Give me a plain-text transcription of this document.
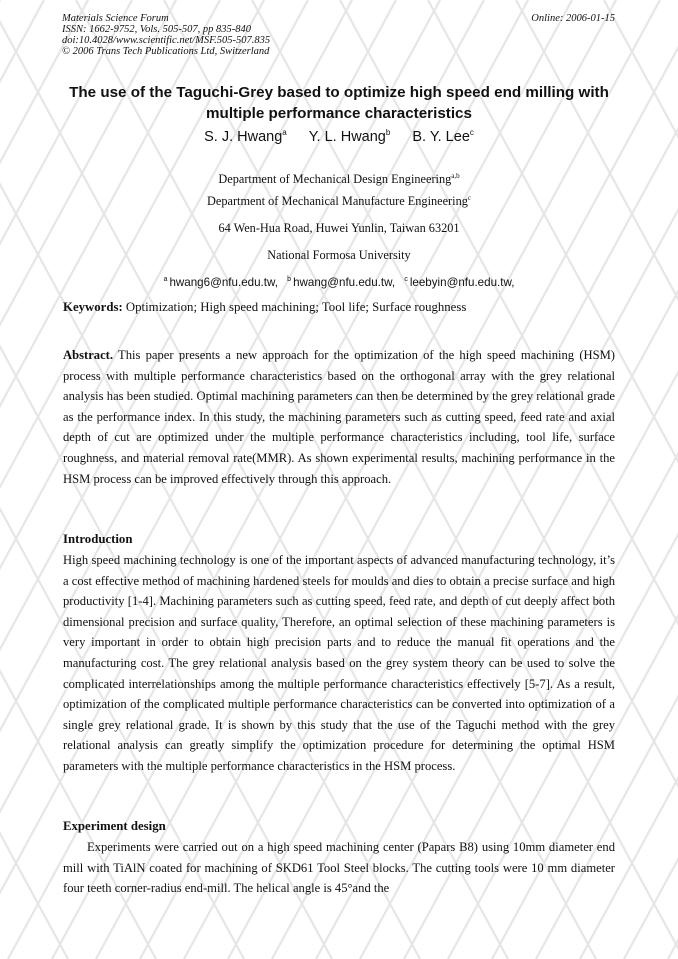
Materials Science Forum
ISSN: 1662-9752, Vols. 505-507, pp 835-840
doi:10.4028/www.scientific.net/MSF.505-507.835
© 2006 Trans Tech Publications Ltd, Switzerland
Online: 2006-01-15
The use of the Taguchi-Grey based to optimize high speed end milling with multiple performance characteristics
S. J. Hwang$^a$ Y. L. Hwang$^b$ B. Y. Lee$^c$
Department of Mechanical Design Engineering$^{a,b}$
Department of Mechanical Manufacture Engineering$^c$
64 Wen-Hua Road, Huwei Yunlin, Taiwan 63201
National Formosa University
$^a$ hwang6@nfu.edu.tw, $^b$ hwang@nfu.edu.tw, $^c$ leebyin@nfu.edu.tw,
Keywords: Optimization; High speed machining; Tool life; Surface roughness

Abstract. This paper presents a new approach for the optimization of the high speed machining (HSM) process with multiple performance characteristics based on the orthogonal array with the grey relational analysis has been studied. Optimal machining parameters can then be determined by the grey relational grade as the performance index. In this study, the machining parameters such as cutting speed, feed rate and axial depth of cut are optimized under the multiple performance characteristics including, tool life, surface roughness, and material removal rate(MMR). As shown experimental results, machining performance in the HSM process can be improved effectively through this approach.

Introduction

High speed machining technology is one of the important aspects of advanced manufacturing technology, it’s a cost effective method of machining hardened steels for moulds and dies to obtain a precise surface and high productivity [1-4]. Machining parameters such as cutting speed, feed rate, and depth of cut deeply affect both dimensional precision and surface quality, Therefore, an optimal selection of these machining parameters is very important in order to obtain high precision parts and to reduce the manual fit operations and the manufacturing cost. The grey relational analysis based on the grey system theory can be used to solve the complicated interrelationships among the multiple performance characteristics effectively [5-7]. As a result, optimization of the complicated multiple performance characteristics can be converted into optimization of a single grey relational grade. It is shown by this study that the use of the Taguchi method with the grey relational analysis can greatly simplify the optimization procedure for determining the optimal HSM parameters with the multiple performance characteristics in the HSM process.

Experiment design

Experiments were carried out on a high speed machining center (Papars B8) using 10mm diameter end mill with TiAlN coated for machining of SKD61 Tool Steel blocks. The cutting tools were 10 mm diameter four teeth corner-radius end-mill. The helical angle is 45°and the
